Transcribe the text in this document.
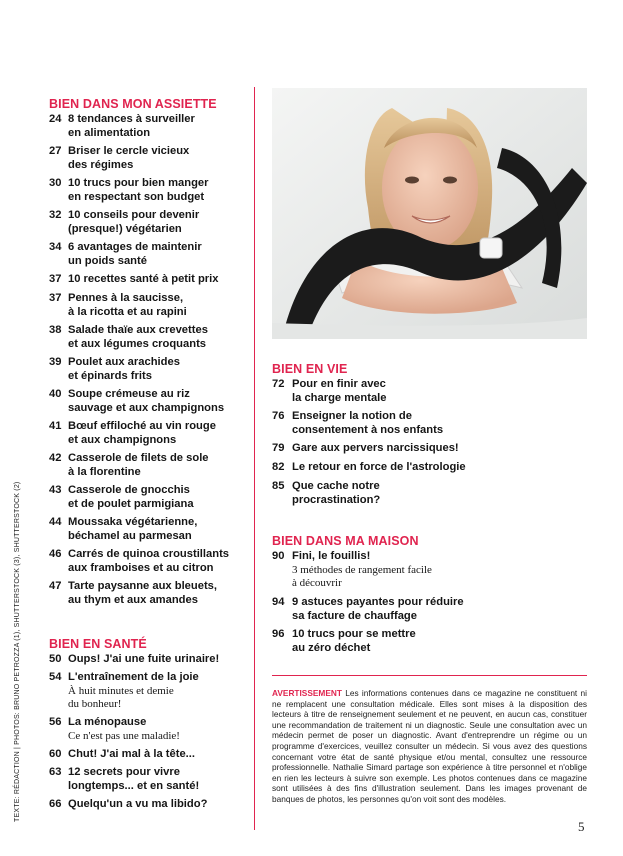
TEXTE: RÉDACTION | PHOTOS: BRUNO PETROZZA (1), SHUTTERSTOCK (3), SHUTTERSTOCK (2)
BIEN DANS MON ASSIETTE
24 8 tendances à surveiller
en alimentation
27 Briser le cercle vicieux
des régimes
30 10 trucs pour bien manger
en respectant son budget
32 10 conseils pour devenir
(presque!) végétarien
34 6 avantages de maintenir
un poids santé
37 10 recettes santé à petit prix
37 Pennes à la saucisse,
à la ricotta et au rapini
38 Salade thaïe aux crevettes
et aux légumes croquants
39 Poulet aux arachides
et épinards frits
40 Soupe crémeuse au riz
sauvage et aux champignons
41 Bœuf effiloché au vin rouge
et aux champignons
42 Casserole de filets de sole
à la florentine
43 Casserole de gnocchis
et de poulet parmigiana
44 Moussaka végétarienne,
béchamel au parmesan
46 Carrés de quinoa croustillants
aux framboises et au citron
47 Tarte paysanne aux bleuets,
au thym et aux amandes
BIEN EN SANTÉ
50 Oups! J'ai une fuite urinaire!
54 L'entraînement de la joie
À huit minutes et demie
du bonheur!
56 La ménopause
Ce n'est pas une maladie!
60 Chut! J'ai mal à la tête...
63 12 secrets pour vivre
longtemps... et en santé!
66 Quelqu'un a vu ma libido?
BIEN EN VIE
72 Pour en finir avec
la charge mentale
76 Enseigner la notion de
consentement à nos enfants
79 Gare aux pervers narcissiques!
82 Le retour en force de l'astrologie
85 Que cache notre
procrastination?
BIEN DANS MA MAISON
90 Fini, le fouillis!
3 méthodes de rangement facile
à découvrir
94 9 astuces payantes pour réduire
sa facture de chauffage
96 10 trucs pour se mettre
au zéro déchet
AVERTISSEMENT Les informations contenues dans ce magazine ne constituent ni ne remplacent une consultation médicale. Elles sont mises à la disposition des lecteurs à titre de renseignement seulement et ne peuvent, en aucun cas, constituer une recommandation de traitement ni un diagnostic. Seule une consultation avec un médecin permet de poser un diagnostic. Avant d'entreprendre un régime ou un programme d'exercices, veuillez consulter un médecin. Si vous avez des questions concernant votre état de santé physique et/ou mental, consultez une ressource professionnelle. Nathalie Simard partage son expérience à titre personnel et n'oblige en rien les lecteurs à suivre son exemple. Les photos contenues dans ce magazine sont utilisées à des fins d'illustration seulement. Dans les images provenant de banques de photos, les personnes qu'on voit sont des modèles.
5
